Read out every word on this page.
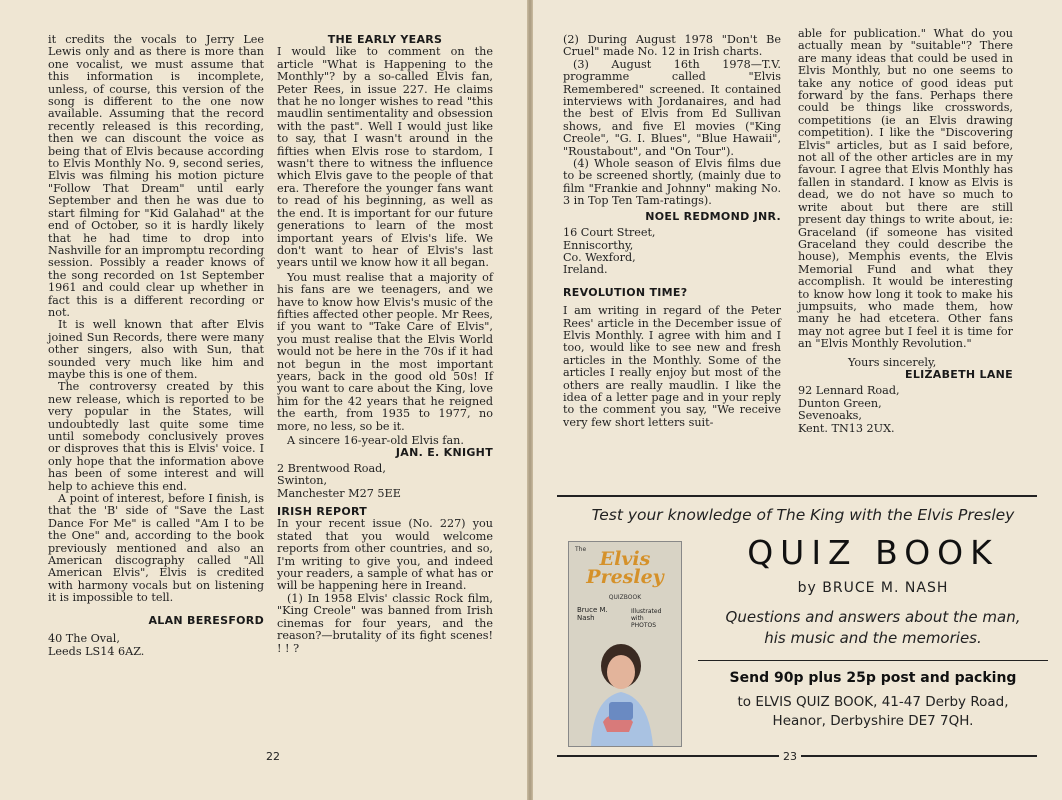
it credits the vocals to Jerry Lee Lewis only and as there is more than one vocalist, we must assume that this information is incomplete, unless, of course, this version of the song is different to the one now available. Assuming that the record recently released is this recording, then we can discount the voice as being that of Elvis because according to Elvis Monthly No. 9, second series, Elvis was filming his motion picture "Follow That Dream" until early September and then he was due to start filming for "Kid Galahad" at the end of October, so it is hardly likely that he had time to drop into Nashville for an impromptu recording session. Possibly a reader knows of the song recorded on 1st September 1961 and could clear up whether in fact this is a different recording or not.

It is well known that after Elvis joined Sun Records, there were many other singers, also with Sun, that sounded very much like him and maybe this is one of them.

The controversy created by this new release, which is reported to be very popular in the States, will undoubtedly last quite some time until somebody conclusively proves or disproves that this is Elvis' voice. I only hope that the information above has been of some interest and will help to achieve this end.

A point of interest, before I finish, is that the 'B' side of "Save the Last Dance For Me" is called "Am I to be the One" and, according to the book previously mentioned and also an American discography called "All American Elvis", Elvis is credited with harmony vocals but on listening it is impossible to tell.

ALAN BERESFORD
40 The Oval,
Leeds LS14 6AZ.
THE EARLY YEARS

I would like to comment on the article "What is Happening to the Monthly"? by a so-called Elvis fan, Peter Rees, in issue 227. He claims that he no longer wishes to read "this maudlin sentimentality and obsession with the past". Well I would just like to say, that I wasn't around in the fifties when Elvis rose to stardom, I wasn't there to witness the influence which Elvis gave to the people of that era. Therefore the younger fans want to read of his beginning, as well as the end. It is important for our future generations to learn of the most important years of Elvis's life. We don't want to hear of Elvis's last years until we know how it all began.

You must realise that a majority of his fans are we teenagers, and we have to know how Elvis's music of the fifties affected other people. Mr Rees, if you want to "Take Care of Elvis", you must realise that the Elvis World would not be here in the 70s if it had not begun in the most important years, back in the good old 50s! If you want to care about the King, love him for the 42 years that he reigned the earth, from 1935 to 1977, no more, no less, so be it.

A sincere 16-year-old Elvis fan.

JAN. E. KNIGHT
2 Brentwood Road,
Swinton,
Manchester M27 5EE
IRISH REPORT

In your recent issue (No. 227) you stated that you would welcome reports from other countries, and so, I'm writing to give you, and indeed your readers, a sample of what has or will be happening here in Ireand.

(1) In 1958 Elvis' classic Rock film, "King Creole" was banned from Irish cinemas for four years, and the reason?—brutality of its fight scenes! ! ! ?

22

(2) During August 1978 "Don't Be Cruel" made No. 12 in Irish charts.

(3) August 16th 1978—T.V. programme called "Elvis Remembered" screened. It contained interviews with Jordanaires, and had the best of Elvis from Ed Sullivan shows, and five El movies ("King Creole", "G. I. Blues", "Blue Hawaii", "Roustabout", and "On Tour").

(4) Whole season of Elvis films due to be screened shortly, (mainly due to film "Frankie and Johnny" making No. 3 in Top Ten Tam-ratings).

NOEL REDMOND JNR.
16 Court Street,
Enniscorthy,
Co. Wexford,
Ireland.
REVOLUTION TIME?

I am writing in regard of the Peter Rees' article in the December issue of Elvis Monthly. I agree with him and I too, would like to see new and fresh articles in the Monthly. Some of the articles I really enjoy but most of the others are really maudlin. I like the idea of a letter page and in your reply to the comment you say, "We receive very few short letters suit-

able for publication." What do you actually mean by "suitable"? There are many ideas that could be used in Elvis Monthly, but no one seems to take any notice of good ideas put forward by the fans. Perhaps there could be things like crosswords, competitions (ie an Elvis drawing competition). I like the "Discovering Elvis" articles, but as I said before, not all of the other articles are in my favour. I agree that Elvis Monthly has fallen in standard. I know as Elvis is dead, we do not have so much to write about but there are still present day things to write about, ie: Graceland (if someone has visited Graceland they could describe the house), Memphis events, the Elvis Memorial Fund and what they accomplish. It would be interesting to know how long it took to make his jumpsuits, who made them, how many he had etcetera. Other fans may not agree but I feel it is time for an "Elvis Monthly Revolution."

Yours sincerely,
ELIZABETH LANE
92 Lennard Road,
Dunton Green,
Sevenoaks,
Kent. TN13 2UX.
Test your knowledge of The King with the Elvis Presley
The Elvis
Presley
QUIZBOOK
Bruce M.
Nash
Illustrated
with
PHOTOS
QUIZ BOOK
by BRUCE M. NASH
Questions and answers about the man,
his music and the memories.
Send 90p plus 25p post and packing
to ELVIS QUIZ BOOK, 41-47 Derby Road,
Heanor, Derbyshire DE7 7QH.
23
